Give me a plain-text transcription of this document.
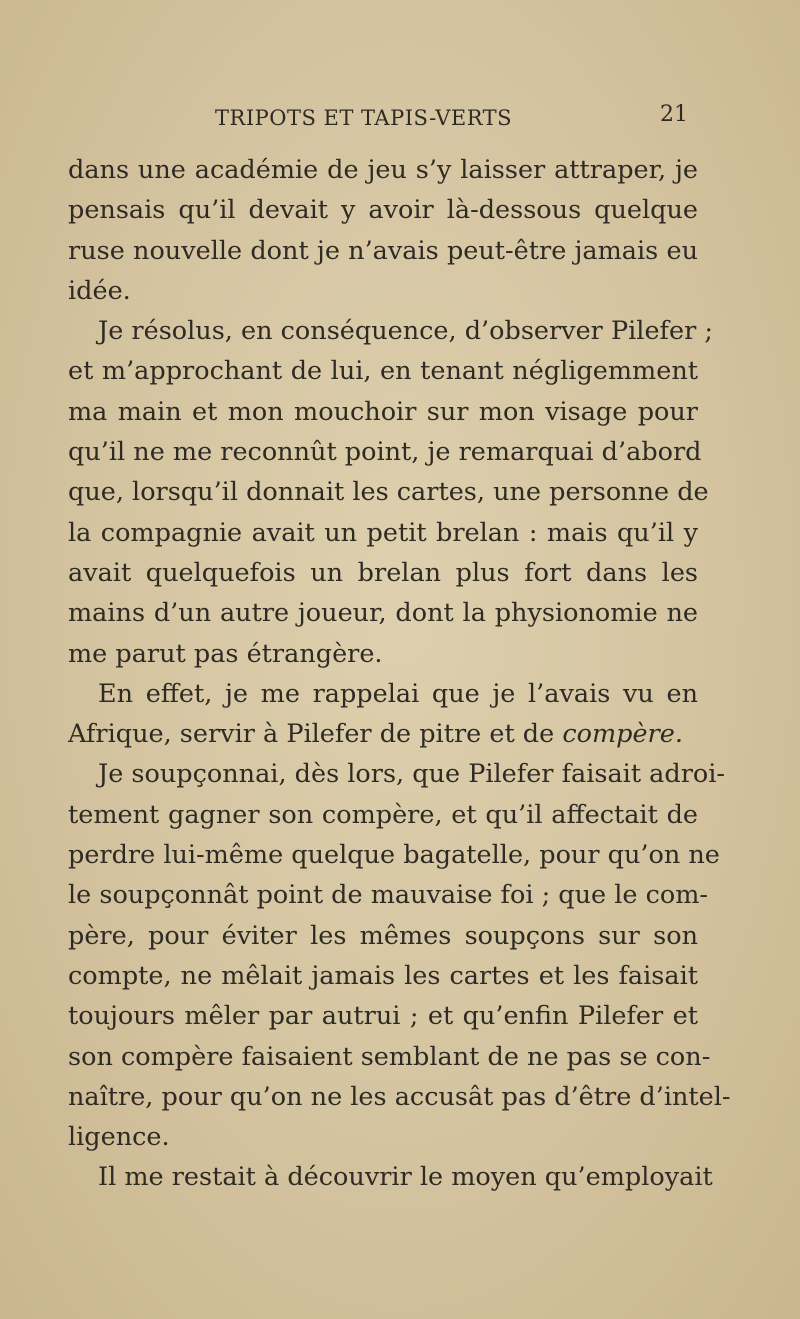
TRIPOTS ET TAPIS-VERTS	21
dans une académie de jeu s’y laisser attraper, je
pensais qu’il devait y avoir là-dessous quelque
ruse nouvelle dont je n’avais peut-être jamais eu
idée.
Je résolus, en conséquence, d’observer Pilefer ;
et m’approchant de lui, en tenant négligemment
ma main et mon mouchoir sur mon visage pour
qu’il ne me reconnût point, je remarquai d’abord
que, lorsqu’il donnait les cartes, une personne de
la compagnie avait un petit brelan : mais qu’il y
avait quelquefois un brelan plus fort dans les
mains d’un autre joueur, dont la physionomie ne
me parut pas étrangère.
En effet, je me rappelai que je l’avais vu en
Afrique, servir à Pilefer de pitre et de compère.
Je soupçonnai, dès lors, que Pilefer faisait adroi-
tement gagner son compère, et qu’il affectait de
perdre lui-même quelque bagatelle, pour qu’on ne
le soupçonnât point de mauvaise foi ; que le com-
père, pour éviter les mêmes soupçons sur son
compte, ne mêlait jamais les cartes et les faisait
toujours mêler par autrui ; et qu’enfin Pilefer et
son compère faisaient semblant de ne pas se con-
naître, pour qu’on ne les accusât pas d’être d’intel-
ligence.
Il me restait à découvrir le moyen qu’employait
